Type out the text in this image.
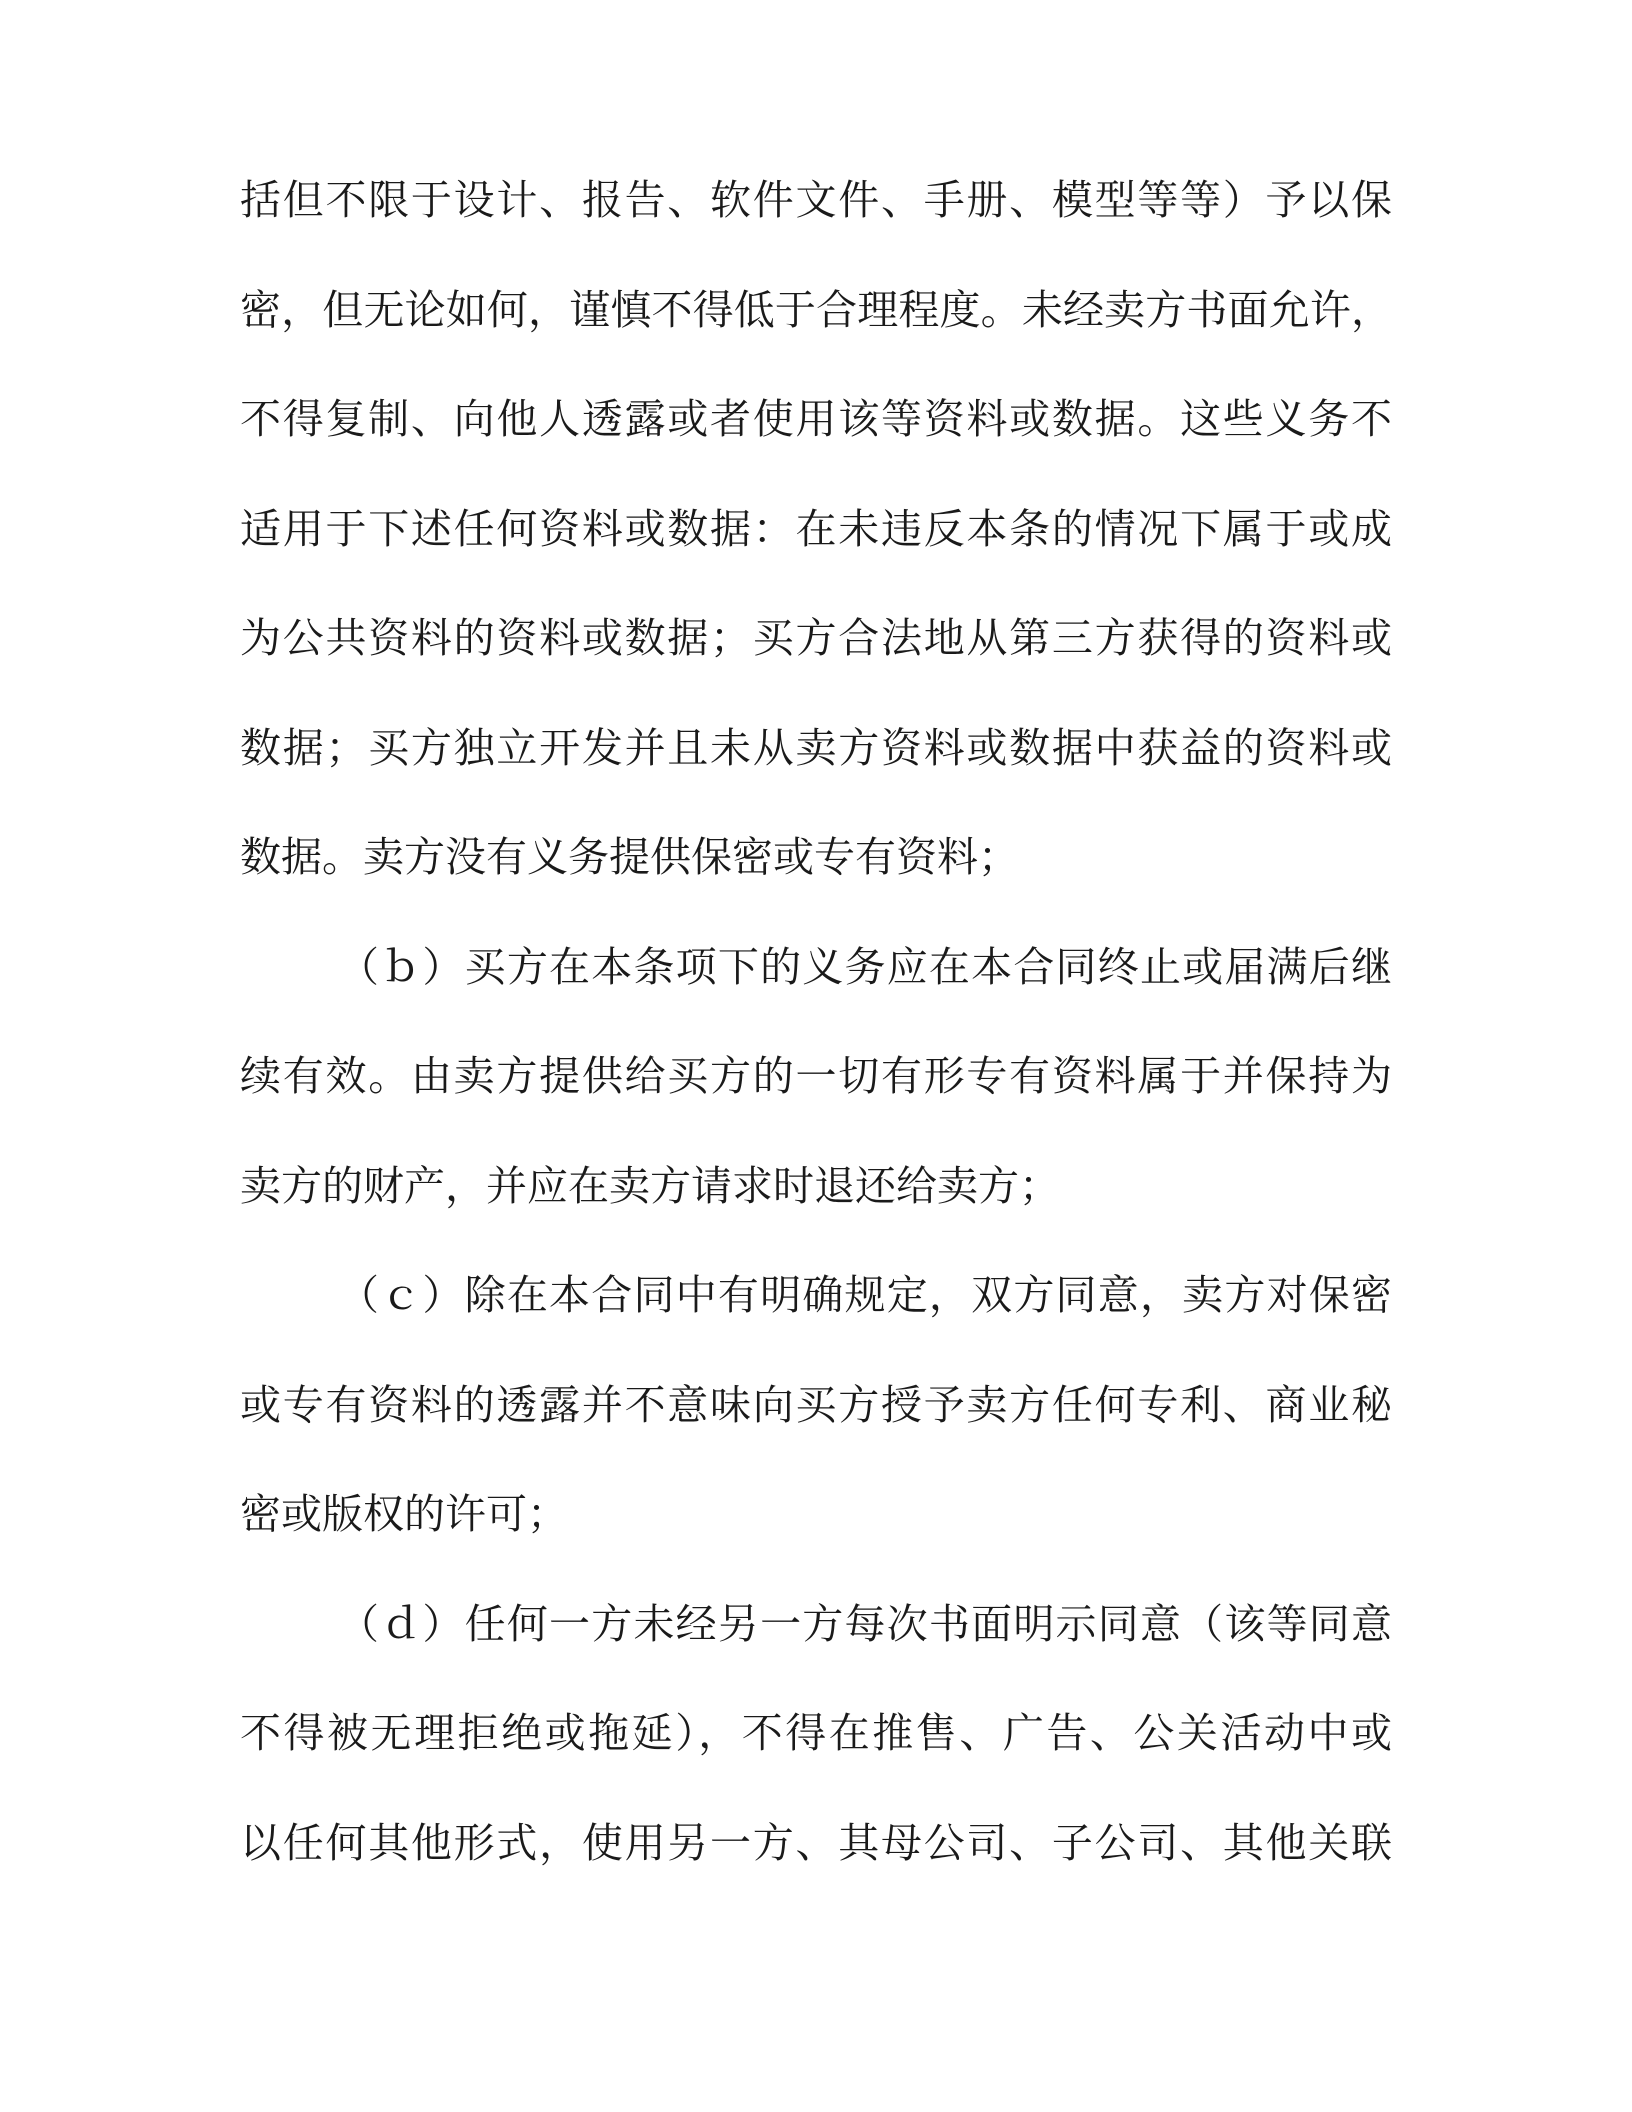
括但不限于设计、报告、软件文件、手册、模型等等）予以保
密，但无论如何，谨慎不得低于合理程度。未经卖方书面允许，
不得复制、向他人透露或者使用该等资料或数据。这些义务不
适用于下述任何资料或数据：在未违反本条的情况下属于或成
为公共资料的资料或数据；买方合法地从第三方获得的资料或
数据；买方独立开发并且未从卖方资料或数据中获益的资料或
数据。卖方没有义务提供保密或专有资料；
（ｂ）买方在本条项下的义务应在本合同终止或届满后继
续有效。由卖方提供给买方的一切有形专有资料属于并保持为
卖方的财产，并应在卖方请求时退还给卖方；
（ｃ）除在本合同中有明确规定，双方同意，卖方对保密
或专有资料的透露并不意味向买方授予卖方任何专利、商业秘
密或版权的许可；
（ｄ）任何一方未经另一方每次书面明示同意（该等同意
不得被无理拒绝或拖延），不得在推售、广告、公关活动中或
以任何其他形式，使用另一方、其母公司、子公司、其他关联
